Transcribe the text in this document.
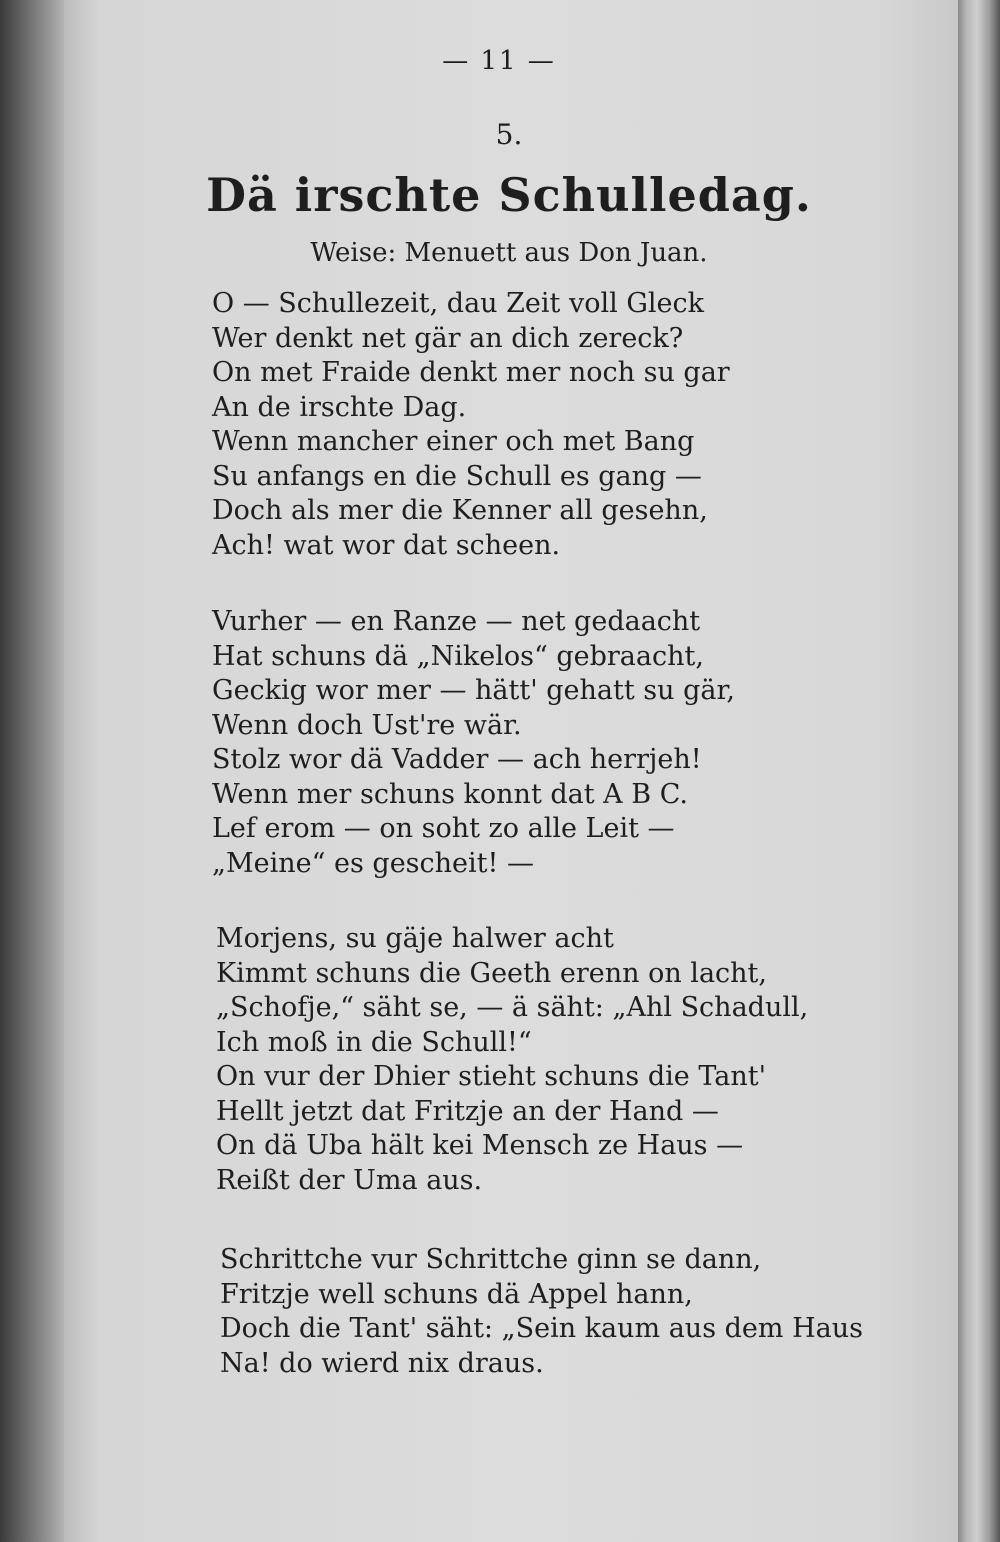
— 11 —
5.
Dä irschte Schulledag.
Weise: Menuett aus Don Juan.
O — Schullezeit, dau Zeit voll Gleck
Wer denkt net gär an dich zereck?
On met Fraide denkt mer noch su gar
An de irschte Dag.
Wenn mancher einer och met Bang
Su anfangs en die Schull es gang —
Doch als mer die Kenner all gesehn,
Ach! wat wor dat scheen.
Vurher — en Ranze — net gedaacht
Hat schuns dä „Nikelos“ gebraacht,
Geckig wor mer — hätt' gehatt su gär,
Wenn doch Ust're wär.
Stolz wor dä Vadder — ach herrjeh!
Wenn mer schuns konnt dat A B C.
Lef erom — on soht zo alle Leit —
„Meine“ es gescheit! —
Morjens, su gäje halwer acht
Kimmt schuns die Geeth erenn on lacht,
„Schofje,“ säht se, — ä säht: „Ahl Schadull,
Ich moß in die Schull!“
On vur der Dhier stieht schuns die Tant'
Hellt jetzt dat Fritzje an der Hand —
On dä Uba hält kei Mensch ze Haus —
Reißt der Uma aus.
Schrittche vur Schrittche ginn se dann,
Fritzje well schuns dä Appel hann,
Doch die Tant' säht: „Sein kaum aus dem Haus
Na! do wierd nix draus.
